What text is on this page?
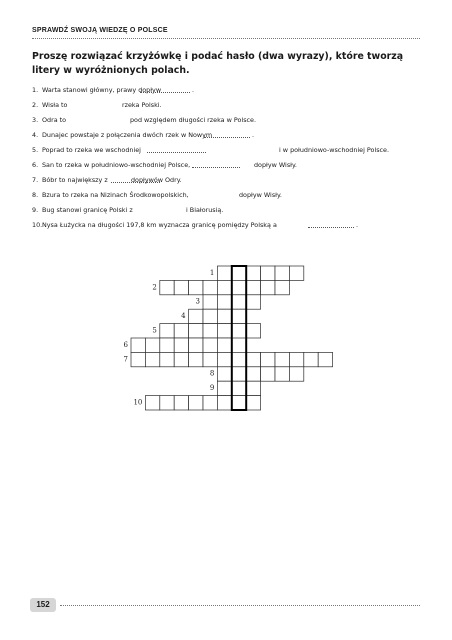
SPRAWDŹ SWOJĄ WIEDZĘ O POLSCE
Proszę rozwiązać krzyżówkę i podać hasło (dwa wyrazy), które tworzą litery w wyróżnionych polach.
1. Warta stanowi główny, prawy dopływ	.
2. Wisła to	rzeka Polski.
3. Odra to	pod względem długości rzeka w Polsce.
4. Dunajec powstaje z połączenia dwóch rzek w Nowym	.
5. Poprad to rzeka we wschodniej	i w południowo-wschodniej Polsce.
6. San to rzeka w południowo-wschodniej Polsce,	dopływ Wisły.
7. Bóbr to największy z	dopływów Odry.
8. Bzura to rzeka na Nizinach Środkowopolskich,	dopływ Wisły.
9. Bug stanowi granicę Polski z	i Białorusią.
10. Nysa Łużycka na długości 197,8 km wyznacza granicę pomiędzy Polską a	.
1
2
3
4
5
6
7
8
9
10
152
